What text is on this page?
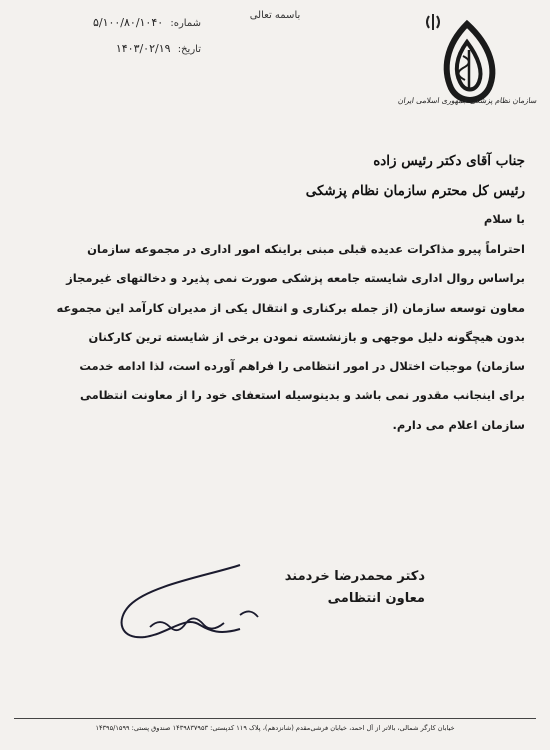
شماره: ۵/۱۰۰/۸۰/۱۰۴۰
تاریخ: ۱۴۰۳/۰۲/۱۹
باسمه تعالی
سازمان نظام پزشکی جمهوری اسلامی ایران
جناب آقای دکتر رئیس زاده
رئیس کل محترم سازمان نظام پزشکی
با سلام
احتراماً پیرو مذاکرات عدیده قبلی مبنی براینکه امور اداری در مجموعه سازمان
براساس روال اداری شایسته جامعه پزشکی صورت نمی پذیرد و دخالتهای غیرمجاز
معاون توسعه سازمان (از جمله برکناری و انتقال یکی از مدیران کارآمد این مجموعه
بدون هیچگونه دلیل موجهی و بازنشسته نمودن برخی از شایسته ترین کارکنان
سازمان) موجبات اختلال در امور انتظامی را فراهم آورده است، لذا ادامه خدمت
برای اینجانب مقدور نمی باشد و بدینوسیله استعفای خود را از معاونت انتظامی
سازمان اعلام می دارم.
دکتر محمدرضا خردمند
معاون انتظامی
خیابان کارگر شمالی، بالاتر از آل احمد، خیابان فرشی‌مقدم (شانزدهم)، پلاک ۱۱۹ کدپستی: ۱۴۳۹۸۳۷۹۵۳ صندوق پستی: ۱۴۳۹۵/۱۵۹۹
